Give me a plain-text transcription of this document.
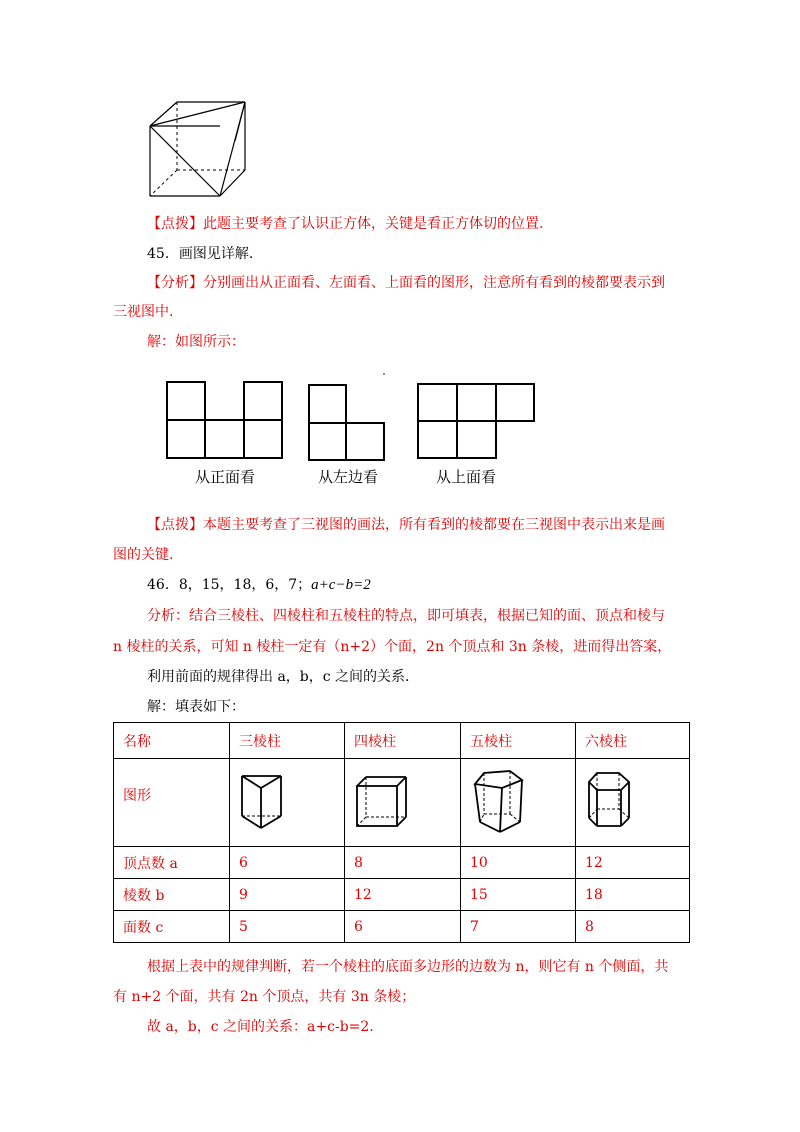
【点拨】此题主要考查了认识正方体，关键是看正方体切的位置.
45．画图见详解.
【分析】分别画出从正面看、左面看、上面看的图形，注意所有看到的棱都要表示到
三视图中.
解：如图所示：
从正面看	从左边看	从上面看
【点拨】本题主要考查了三视图的画法，所有看到的棱都要在三视图中表示出来是画
图的关键.
46．8，15，18，6，7；a+c−b=2
分析：结合三棱柱、四棱柱和五棱柱的特点，即可填表，根据已知的面、顶点和棱与
n 棱柱的关系，可知 n 棱柱一定有（n+2）个面，2n 个顶点和 3n 条棱，进而得出答案，
利用前面的规律得出 a，b，c 之间的关系.
解：填表如下：
名称	三棱柱	四棱柱	五棱柱	六棱柱
图形				
顶点数 a	6	8	10	12
棱数 b	9	12	15	18
面数 c	5	6	7	8
根据上表中的规律判断，若一个棱柱的底面多边形的边数为 n，则它有 n 个侧面，共
有 n+2 个面，共有 2n 个顶点，共有 3n 条棱；
故 a，b，c 之间的关系：a+c-b=2.
